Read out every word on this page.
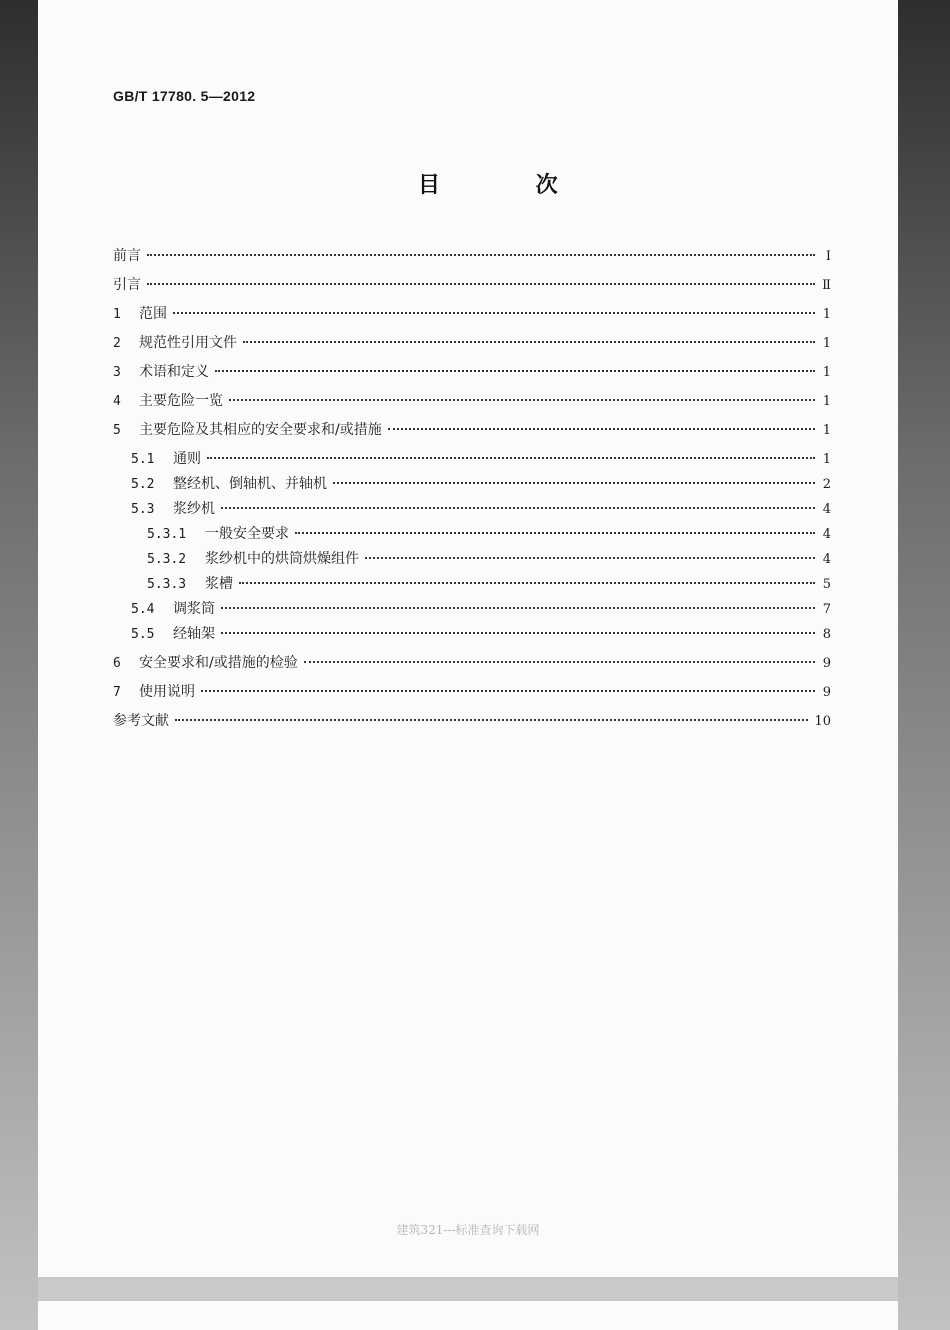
GB/T 17780. 5—2012
目 次
前言	Ⅰ
引言	Ⅱ
1	范围	1
2	规范性引用文件	1
3	术语和定义	1
4	主要危险一览	1
5	主要危险及其相应的安全要求和/或措施	1
5.1	通则	1
5.2	整经机、倒轴机、并轴机	2
5.3	浆纱机	4
5.3.1	一般安全要求	4
5.3.2	浆纱机中的烘筒烘燥组件	4
5.3.3	浆槽	5
5.4	调浆筒	7
5.5	经轴架	8
6	安全要求和/或措施的检验	9
7	使用说明	9
参考文献	10
建筑321---标准查询下载网
